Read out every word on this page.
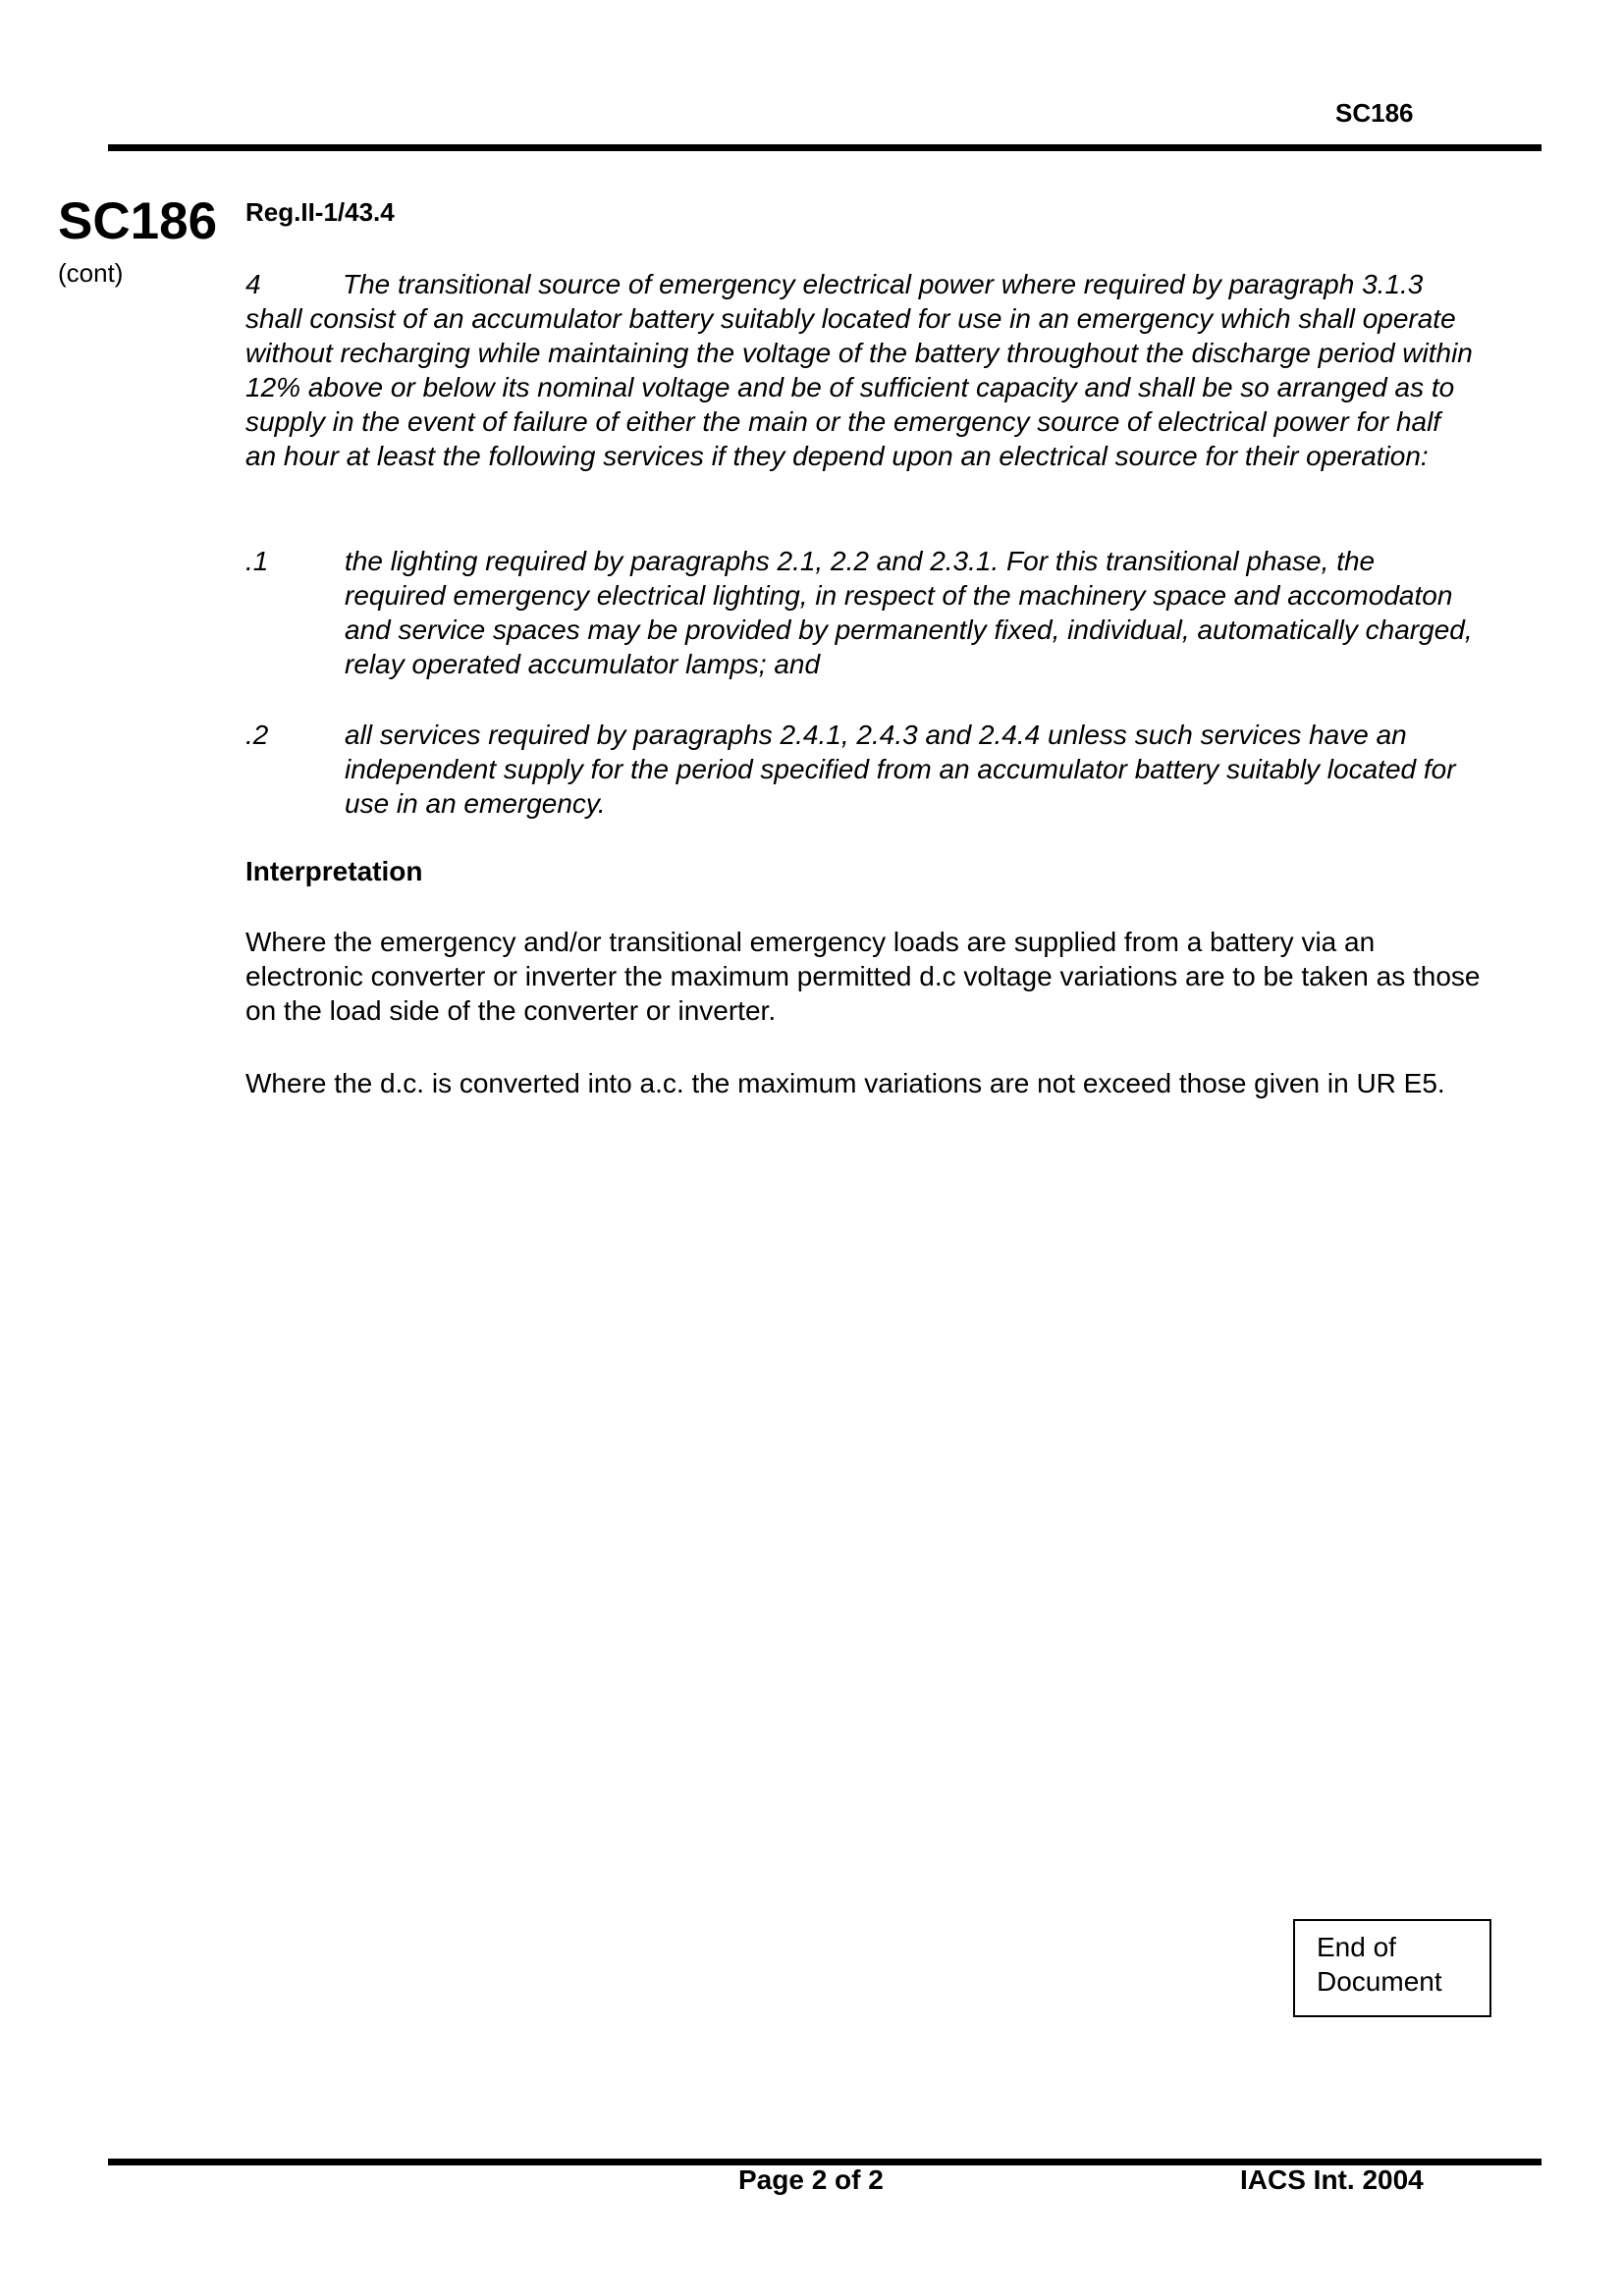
SC186
SC186
(cont)
Reg.II-1/43.4
4	The transitional source of emergency electrical power where required by paragraph 3.1.3 shall consist of an accumulator battery suitably located for use in an emergency which shall operate without recharging while maintaining the voltage of the battery throughout the discharge period within 12% above or below its nominal voltage and be of sufficient capacity and shall be so arranged as to supply in the event of failure of either the main or the emergency source of electrical power for half an hour at least the following services if they depend upon an electrical source for their operation:
.1	the lighting required by paragraphs 2.1, 2.2 and 2.3.1. For this transitional phase, the required emergency electrical lighting, in respect of the machinery space and accomodaton and service spaces may be provided by permanently fixed, individual, automatically charged, relay operated accumulator lamps; and
.2	all services required by paragraphs 2.4.1, 2.4.3 and 2.4.4 unless such services have an independent supply for the period specified from an accumulator battery suitably located for use in an emergency.
Interpretation
Where the emergency and/or transitional emergency loads are supplied from a battery via an electronic converter or inverter the maximum permitted d.c voltage variations are to be taken as those on the load side of the converter or inverter.
Where the d.c. is converted into a.c. the maximum variations are not exceed those given in UR E5.
End of
Document
Page 2 of 2	IACS Int. 2004
